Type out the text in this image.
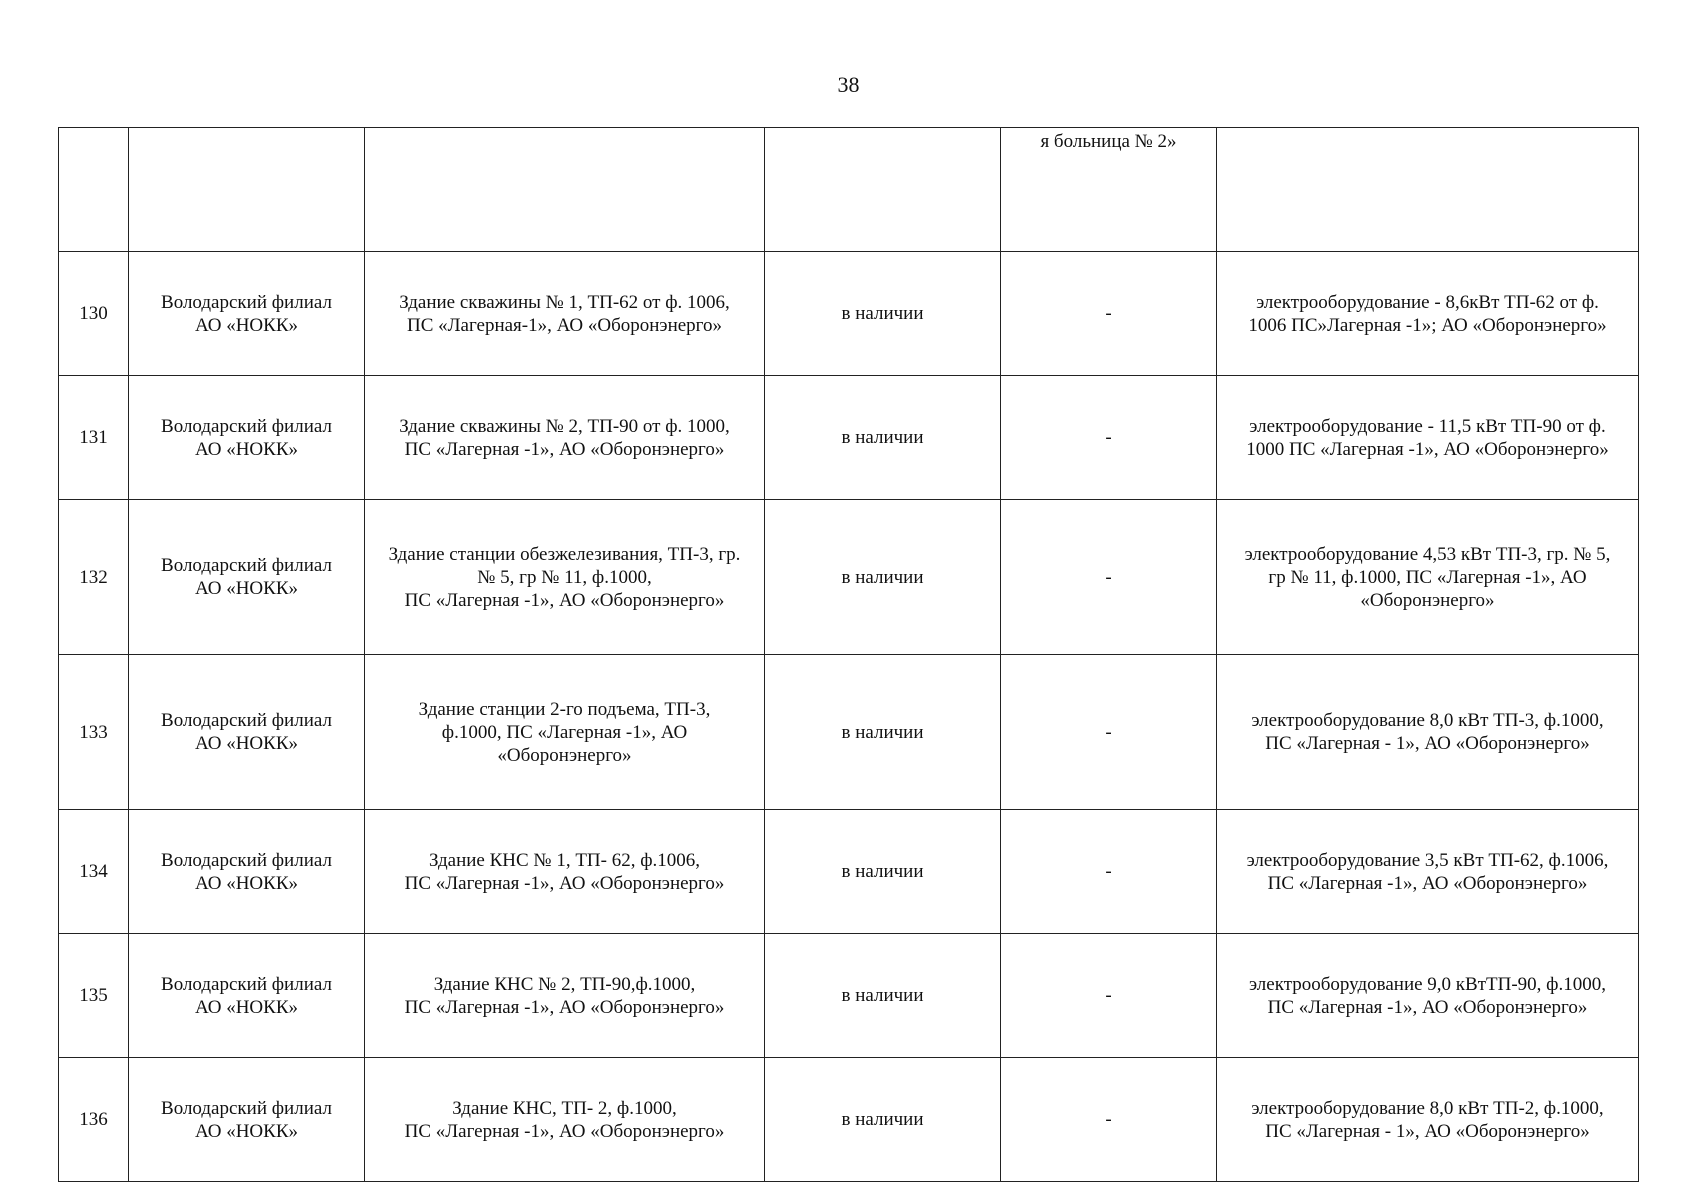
38
				я больница № 2»	
130	Володарский филиал
АО «НОКК»	Здание скважины № 1, ТП-62 от ф. 1006,
ПС «Лагерная-1», АО «Оборонэнерго»	в наличии	-	электрооборудование - 8,6кВт ТП-62 от ф.
1006 ПС»Лагерная -1»; АО «Оборонэнерго»

131	Володарский филиал
АО «НОКК»	Здание скважины № 2, ТП-90 от ф. 1000,
ПС «Лагерная -1», АО «Оборонэнерго»	в наличии	-	электрооборудование - 11,5 кВт ТП-90 от ф.
1000 ПС «Лагерная -1», АО «Оборонэнерго»

132	Володарский филиал
АО «НОКК»	Здание станции обезжелезивания, ТП-3, гр.
№ 5, гр № 11, ф.1000,
ПС «Лагерная -1», АО «Оборонэнерго»	в наличии	-	электрооборудование 4,53 кВт ТП-3, гр. № 5,
гр № 11, ф.1000, ПС «Лагерная -1», АО
«Оборонэнерго»

133	Володарский филиал
АО «НОКК»	Здание станции 2-го подъема, ТП-3,
ф.1000, ПС «Лагерная -1», АО
«Оборонэнерго»	в наличии	-	электрооборудование 8,0 кВт ТП-3, ф.1000,
ПС «Лагерная - 1», АО «Оборонэнерго»

134	Володарский филиал
АО «НОКК»	Здание КНС № 1, ТП- 62, ф.1006,
ПС «Лагерная -1», АО «Оборонэнерго»	в наличии	-	электрооборудование 3,5 кВт ТП-62, ф.1006,
ПС «Лагерная -1», АО «Оборонэнерго»

135	Володарский филиал
АО «НОКК»	Здание КНС № 2, ТП-90,ф.1000,
ПС «Лагерная -1», АО «Оборонэнерго»	в наличии	-	электрооборудование 9,0 кВтТП-90, ф.1000,
ПС «Лагерная -1», АО «Оборонэнерго»

136	Володарский филиал
АО «НОКК»	Здание КНС, ТП- 2, ф.1000,
ПС «Лагерная -1», АО «Оборонэнерго»	в наличии	-	электрооборудование 8,0 кВт ТП-2, ф.1000,
ПС «Лагерная - 1», АО «Оборонэнерго»
